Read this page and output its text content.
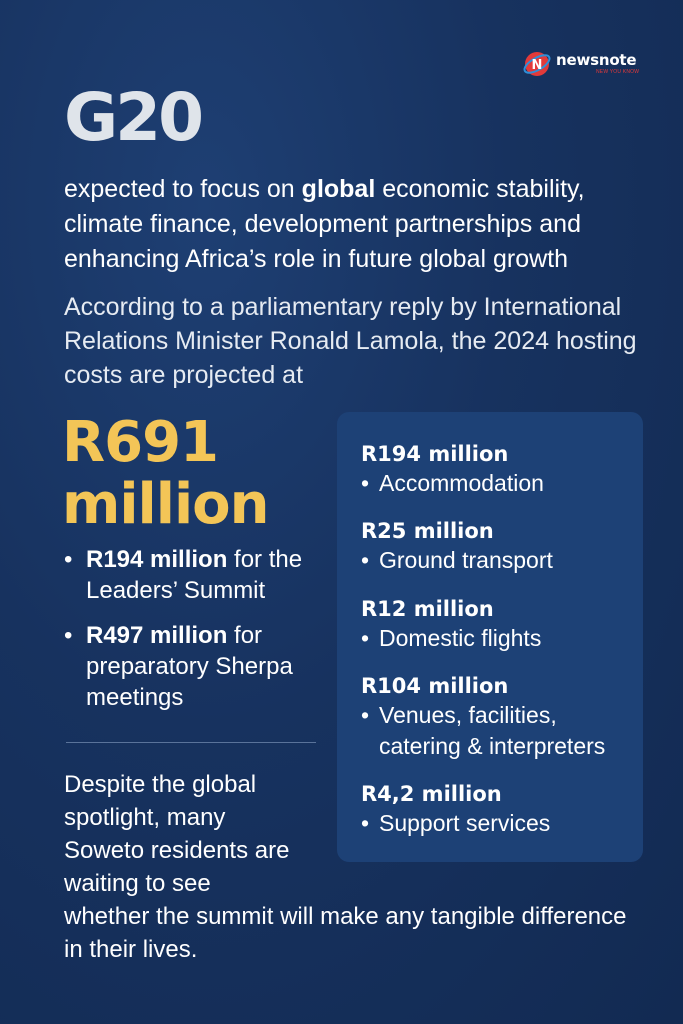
N newsnote
NEW YOU KNOW
G20
expected to focus on global economic stability, climate finance, development partnerships and enhancing Africa’s role in future global growth
According to a parliamentary reply by International Relations Minister Ronald Lamola, the 2024 hosting costs are projected at
R691
million
• R194 million for the Leaders’ Summit
• R497 million for preparatory Sherpa meetings
Despite the global spotlight, many Soweto residents are waiting to see
whether the summit will make any tangible difference in their lives.
R194 million
• Accommodation
R25 million
• Ground transport
R12 million
• Domestic flights
R104 million
• Venues, facilities, catering & interpreters
R4,2 million
• Support services
